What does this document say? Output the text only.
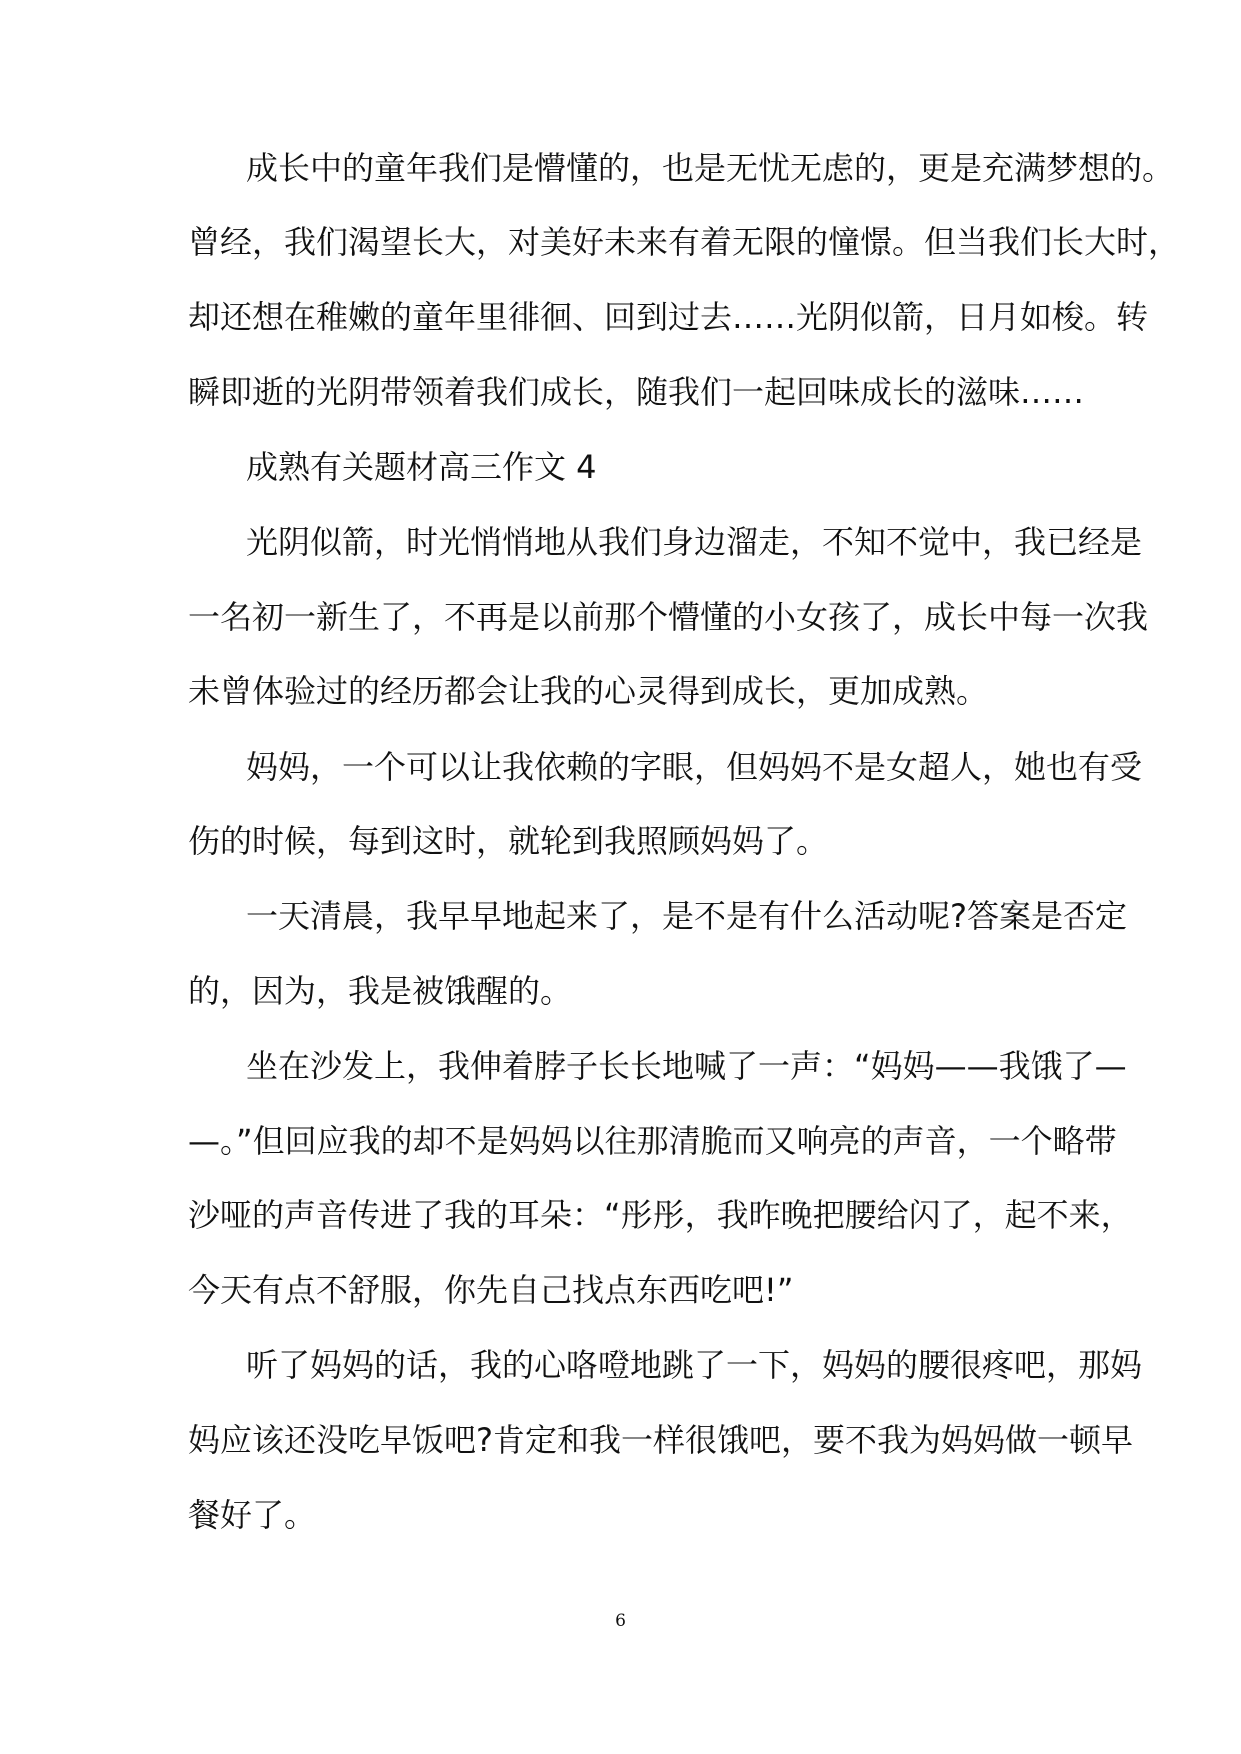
成长中的童年我们是懵懂的，也是无忧无虑的，更是充满梦想的。
曾经，我们渴望长大，对美好未来有着无限的憧憬。但当我们长大时，
却还想在稚嫩的童年里徘徊、回到过去……光阴似箭，日月如梭。转
瞬即逝的光阴带领着我们成长，随我们一起回味成长的滋味……
成熟有关题材高三作文 4
光阴似箭，时光悄悄地从我们身边溜走，不知不觉中，我已经是
一名初一新生了，不再是以前那个懵懂的小女孩了，成长中每一次我
未曾体验过的经历都会让我的心灵得到成长，更加成熟。
妈妈，一个可以让我依赖的字眼，但妈妈不是女超人，她也有受
伤的时候，每到这时，就轮到我照顾妈妈了。
一天清晨，我早早地起来了，是不是有什么活动呢?答案是否定
的，因为，我是被饿醒的。
坐在沙发上，我伸着脖子长长地喊了一声：“妈妈——我饿了—
—。”但回应我的却不是妈妈以往那清脆而又响亮的声音，一个略带
沙哑的声音传进了我的耳朵：“彤彤，我昨晚把腰给闪了，起不来，
今天有点不舒服，你先自己找点东西吃吧!”
听了妈妈的话，我的心咯噔地跳了一下，妈妈的腰很疼吧，那妈
妈应该还没吃早饭吧?肯定和我一样很饿吧，要不我为妈妈做一顿早
餐好了。
6
